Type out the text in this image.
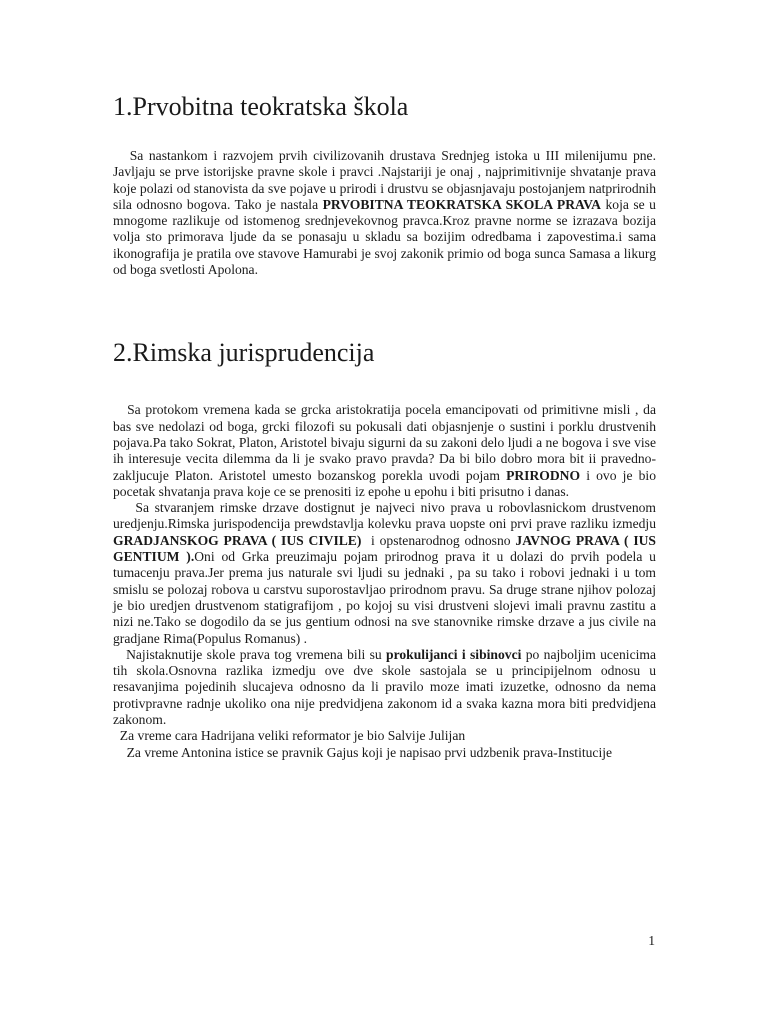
1.Prvobitna teokratska škola

Sa nastankom i razvojem prvih civilizovanih drustava Srednjeg istoka u III milenijumu pne. Javljaju se prve istorijske pravne skole i pravci .Najstariji je onaj , najprimitivnije shvatanje prava koje polazi od stanovista da sve pojave u prirodi i drustvu se objasnjavaju postojanjem natprirodnih sila odnosno bogova. Tako je nastala PRVOBITNA TEOKRATSKA SKOLA PRAVA koja se u mnogome razlikuje od istomenog srednjevekovnog pravca.Kroz pravne norme se izrazava bozija volja sto primorava ljude da se ponasaju u skladu sa bozijim odredbama i zapovestima.i sama ikonografija je pratila ove stavove Hamurabi je svoj zakonik primio od boga sunca Samasa a likurg od boga svetlosti Apolona.

2.Rimska jurisprudencija

Sa protokom vremena kada se grcka aristokratija pocela emancipovati od primitivne misli , da bas sve nedolazi od boga, grcki filozofi su pokusali dati objasnjenje o sustini i porklu drustvenih pojava.Pa tako Sokrat, Platon, Aristotel bivaju sigurni da su zakoni delo ljudi a ne bogova i sve vise ih interesuje vecita dilemma da li je svako pravo pravda? Da bi bilo dobro mora bit ii pravedno- zakljucuje Platon. Aristotel umesto bozanskog porekla uvodi pojam PRIRODNO i ovo je bio pocetak shvatanja prava koje ce se prenositi iz epohe u epohu i biti prisutno i danas.

Sa stvaranjem rimske drzave dostignut je najveci nivo prava u robovlasnickom drustvenom uredjenju.Rimska jurispodencija prewdstavlja kolevku prava uopste oni prvi prave razliku izmedju GRADJANSKOG PRAVA ( IUS CIVILE)  i opstenarodnog odnosno JAVNOG PRAVA ( IUS GENTIUM ).Oni od Grka preuzimaju pojam prirodnog prava it u dolazi do prvih podela u tumacenju prava.Jer prema jus naturale svi ljudi su jednaki , pa su tako i robovi jednaki i u tom smislu se polozaj robova u carstvu suporostavljao prirodnom pravu. Sa druge strane njihov polozaj je bio uredjen drustvenom statigrafijom , po kojoj su visi drustveni slojevi imali pravnu zastitu a nizi ne.Tako se dogodilo da se jus gentium odnosi na sve stanovnike rimske drzave a jus civile na gradjane Rima(Populus Romanus) .

Najistaknutije skole prava tog vremena bili su prokulijanci i sibinovci po najboljim ucenicima tih skola.Osnovna razlika izmedju ove dve skole sastojala se u principijelnom odnosu u resavanjima pojedinih slucajeva odnosno da li pravilo moze imati izuzetke, odnosno da nema protivpravne radnje ukoliko ona nije predvidjena zakonom id a svaka kazna mora biti predvidjena zakonom.

Za vreme cara Hadrijana veliki reformator je bio Salvije Julijan

Za vreme Antonina istice se pravnik Gajus koji je napisao prvi udzbenik prava-Institucije

1
